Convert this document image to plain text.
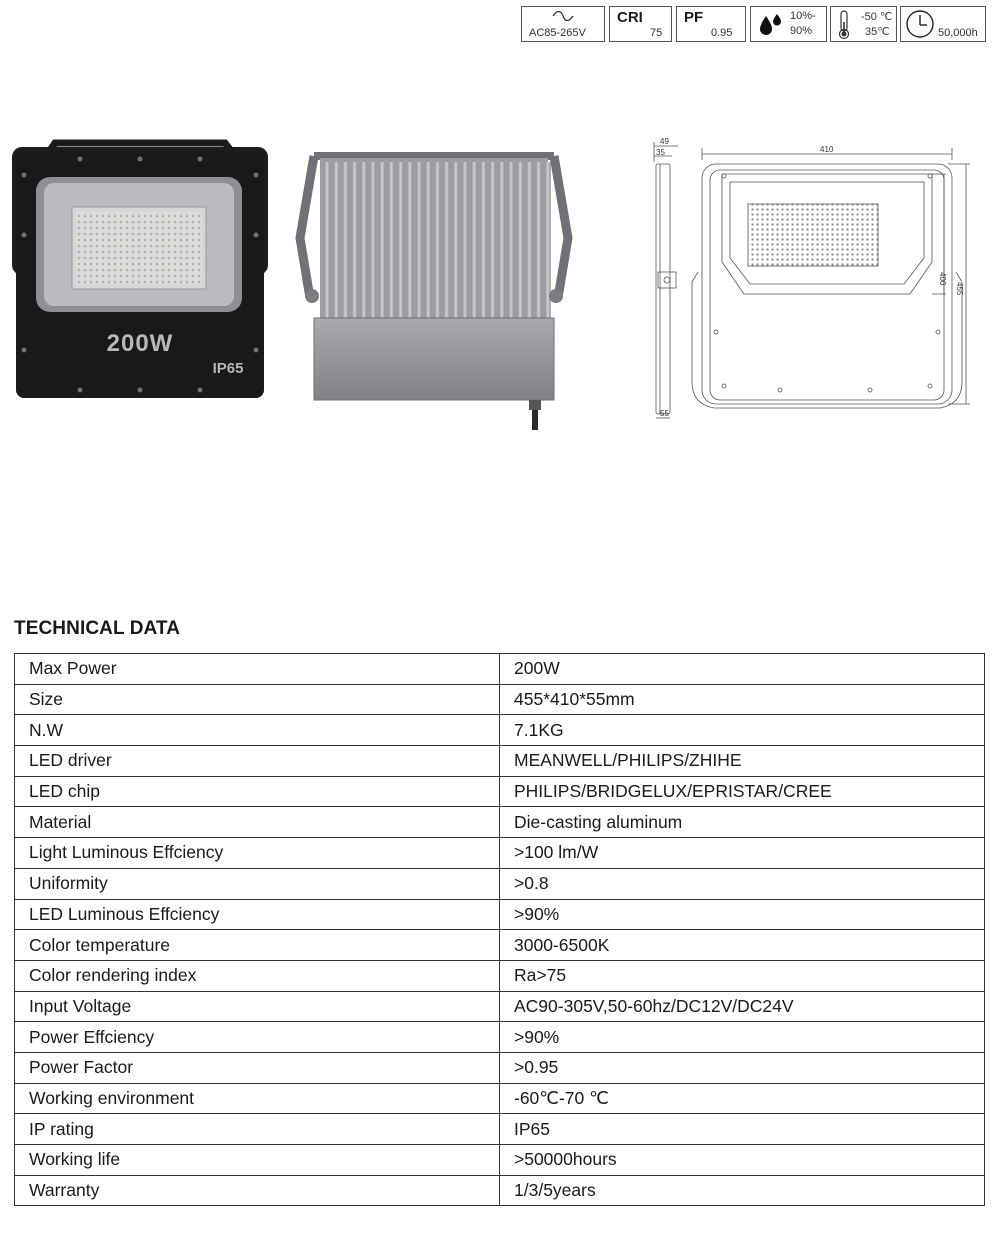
AC85-265V
CRI
75
PF
0.95
10%-
90%
-50 ℃
35℃	50,000h
200W
IP65
49
35	410
400
455
55
TECHNICAL DATA
Max Power	200W
Size	455*410*55mm
N.W	7.1KG
LED driver	MEANWELL/PHILIPS/ZHIHE
LED chip	PHILIPS/BRIDGELUX/EPRISTAR/CREE
Material	Die-casting aluminum
Light Luminous Effciency	>100 lm/W
Uniformity	>0.8
LED Luminous Effciency	>90%
Color temperature	3000-6500K
Color rendering index	Ra>75
Input Voltage	AC90-305V,50-60hz/DC12V/DC24V
Power Effciency	>90%
Power Factor	>0.95
Working environment	-60℃-70 ℃
IP rating	IP65
Working life	>50000hours
Warranty	1/3/5years
